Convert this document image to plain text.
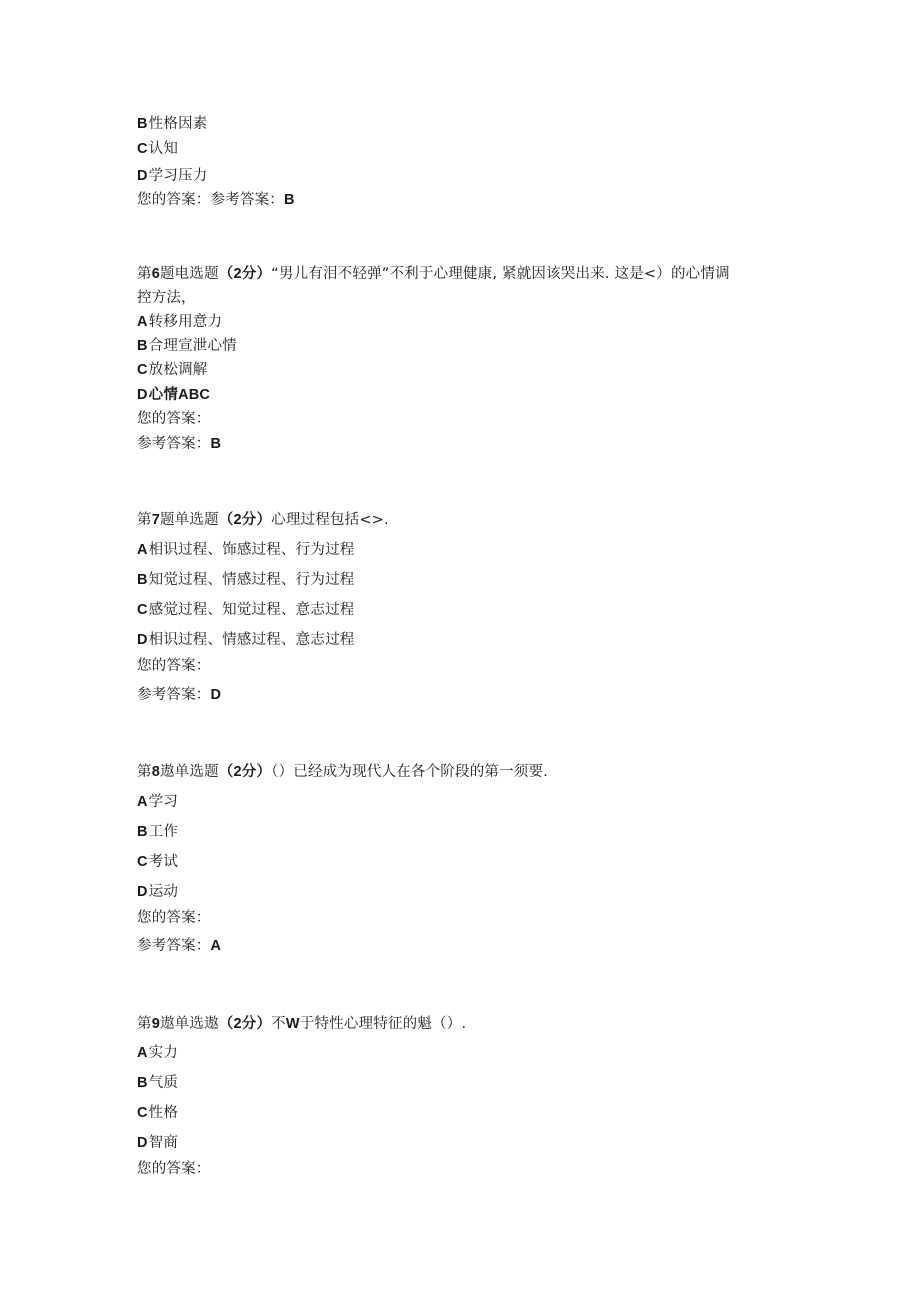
B性格因素
C认知
D学习压力
您的答案：参考答案：B
第6题电选题（2分）“男儿有泪不轻弹”不利于心理健康, 紧就因该哭出来. 这是<）的心情调
控方法，
A转移用意力
B合理宣泄心情
C放松调解
D心情ABC
您的答案：
参考答案：B
第7题单选题（2分）心理过程包括<>.
A相识过程、饰感过程、行为过程
B知觉过程、情感过程、行为过程
C感觉过程、知觉过程、意志过程
D相识过程、情感过程、意志过程
您的答案：
参考答案：D
第8遨单选题（2分）（）已经成为现代人在各个阶段的第一须要.
A学习
B工作
C考试
D运动
您的答案：
参考答案：A
第9遨单选遨（2分）不W于特性心理特征的魁（）.
A实力
B气质
C性格
D智商
您的答案：
